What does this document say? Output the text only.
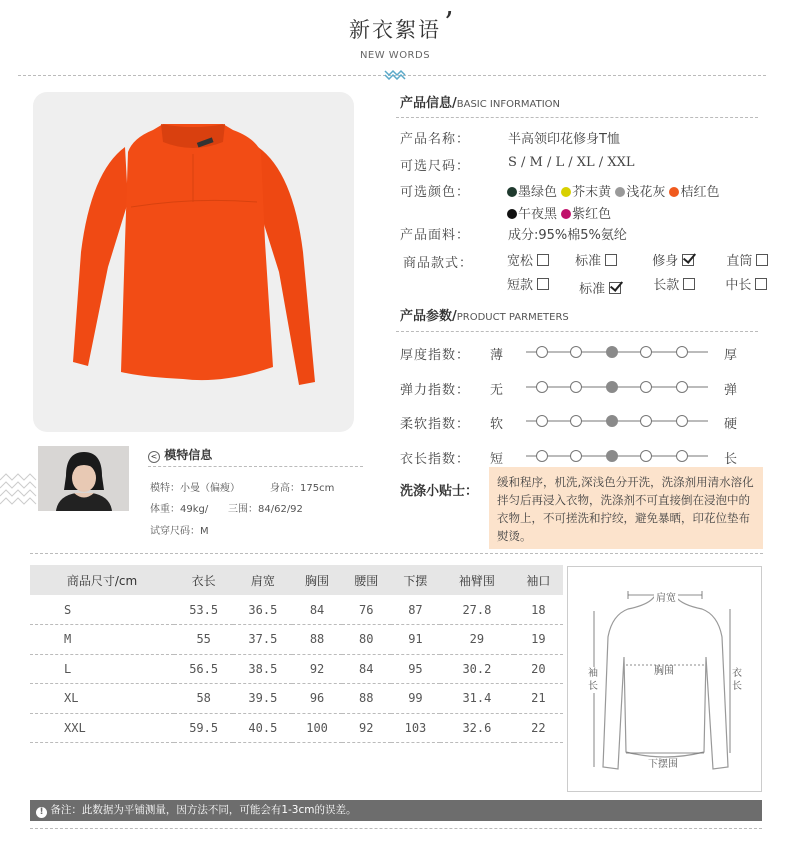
新衣絮语 ’
NEW WORDS
产品信息/BASIC INFORMATION
产品名称：	半高领印花修身T恤
可选尺码：	S / M / L / XL / XXL
可选颜色：	墨绿色 芥末黄 浅花灰 桔红色
午夜黑 紫红色
产品面料：	成分:95%棉5%氨纶
商品款式：	宽松	标准	修身	直筒
短款	标准	长款	中长
产品参数/PRODUCT PARMETERS
厚度指数： 薄	厚
弹力指数： 无	弹
柔软指数： 软	硬
衣长指数： 短	长
洗涤小贴士：
缓和程序，机洗,深浅色分开洗，洗涤剂用清水溶化拌匀后再浸入衣物，洗涤剂不可直接倒在浸泡中的衣物上，不可搓洗和拧绞，避免暴晒，印花位垫布熨烫。
< 模特信息
模特：小曼（偏瘦）	身高：175cm
体重：49kg/ 三围：84/62/92
试穿尺码：M
商品尺寸/cm	衣长	肩宽	胸围	腰围	下摆	袖臂围	袖口
S	53.5	36.5	84	76	87	27.8	18
M	55	37.5	88	80	91	29	19
L	56.5	38.5	92	84	95	30.2	20
XL	58	39.5	96	88	99	31.4	21
XXL	59.5	40.5	100	92	103	32.6	22
肩宽
胸围
袖长
衣长
下摆围
! 备注：此数据为平铺测量，因方法不同，可能会有1-3cm的误差。
